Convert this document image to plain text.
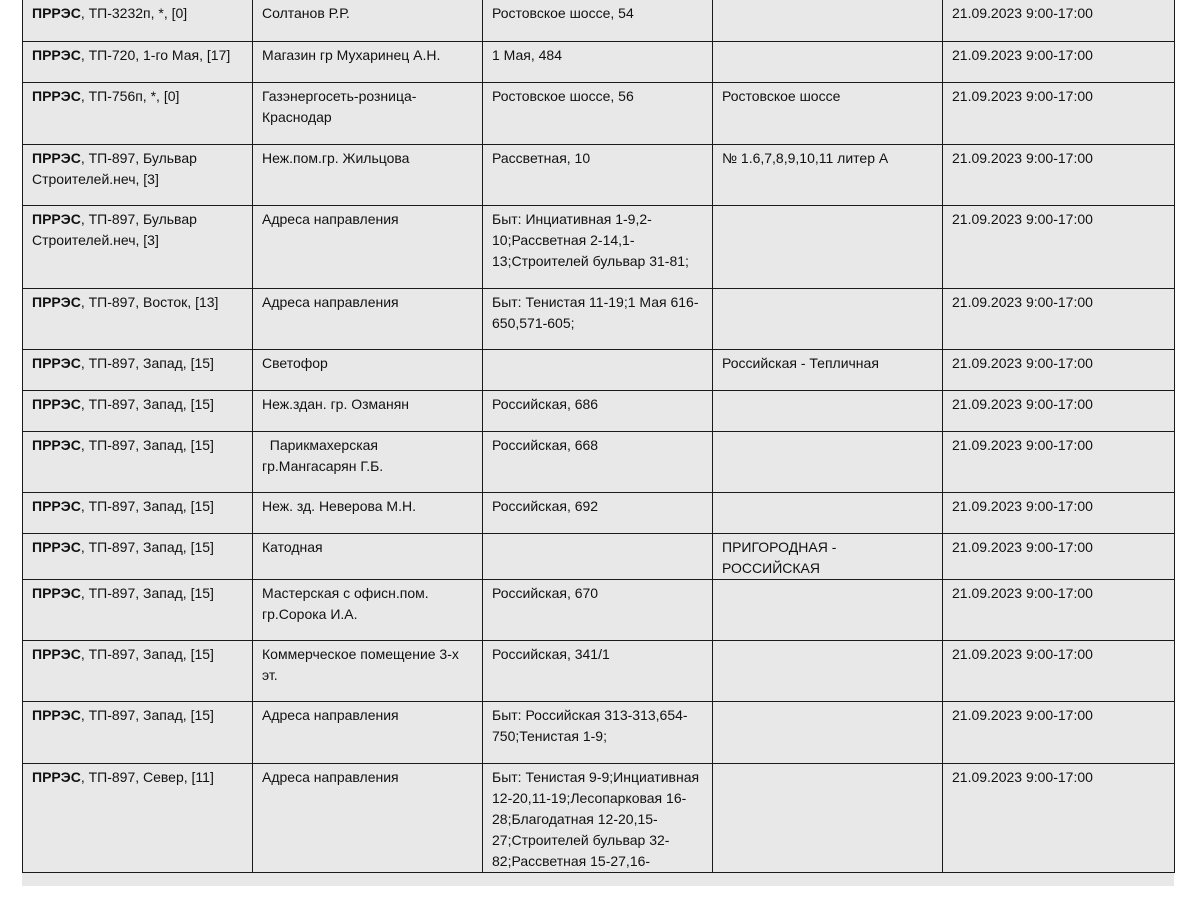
ПРРЭС, ТП-3232п, *, [0]	Солтанов Р.Р.	Ростовское шоссе, 54		21.09.2023 9:00-17:00
ПРРЭС, ТП-720, 1-го Мая, [17]	Магазин гр Мухаринец А.Н.	1 Мая, 484		21.09.2023 9:00-17:00
ПРРЭС, ТП-756п, *, [0]	Газэнергосеть-розница-Краснодар	Ростовское шоссе, 56	Ростовское шоссе	21.09.2023 9:00-17:00
ПРРЭС, ТП-897, Бульвар Строителей.неч, [3]	Неж.пом.гр. Жильцова	Рассветная, 10	№ 1.6,7,8,9,10,11 литер А	21.09.2023 9:00-17:00
ПРРЭС, ТП-897, Бульвар Строителей.неч, [3]	Адреса направления	Быт: Инциативная 1-9,2-10;Рассветная 2-14,1-13;Строителей бульвар 31-81;		21.09.2023 9:00-17:00
ПРРЭС, ТП-897, Восток, [13]	Адреса направления	Быт: Тенистая 11-19;1 Мая 616-650,571-605;		21.09.2023 9:00-17:00
ПРРЭС, ТП-897, Запад, [15]	Светофор		Российская - Тепличная	21.09.2023 9:00-17:00
ПРРЭС, ТП-897, Запад, [15]	Неж.здан. гр. Озманян	Российская, 686		21.09.2023 9:00-17:00
ПРРЭС, ТП-897, Запад, [15]	Парикмахерская гр.Мангасарян Г.Б.	Российская, 668		21.09.2023 9:00-17:00
ПРРЭС, ТП-897, Запад, [15]	Неж. зд. Неверова М.Н.	Российская, 692		21.09.2023 9:00-17:00
ПРРЭС, ТП-897, Запад, [15]	Катодная		ПРИГОРОДНАЯ - РОССИЙСКАЯ	21.09.2023 9:00-17:00
ПРРЭС, ТП-897, Запад, [15]	Мастерская с офисн.пом. гр.Сорока И.А.	Российская, 670		21.09.2023 9:00-17:00
ПРРЭС, ТП-897, Запад, [15]	Коммерческое помещение 3-х эт.	Российская, 341/1		21.09.2023 9:00-17:00
ПРРЭС, ТП-897, Запад, [15]	Адреса направления	Быт: Российская 313-313,654-750;Тенистая 1-9;		21.09.2023 9:00-17:00
ПРРЭС, ТП-897, Север, [11]	Адреса направления	Быт: Тенистая 9-9;Инциативная 12-20,11-19;Лесопарковая 16-28;Благодатная 12-20,15-27;Строителей бульвар 32-82;Рассветная 15-27,16-		21.09.2023 9:00-17:00
